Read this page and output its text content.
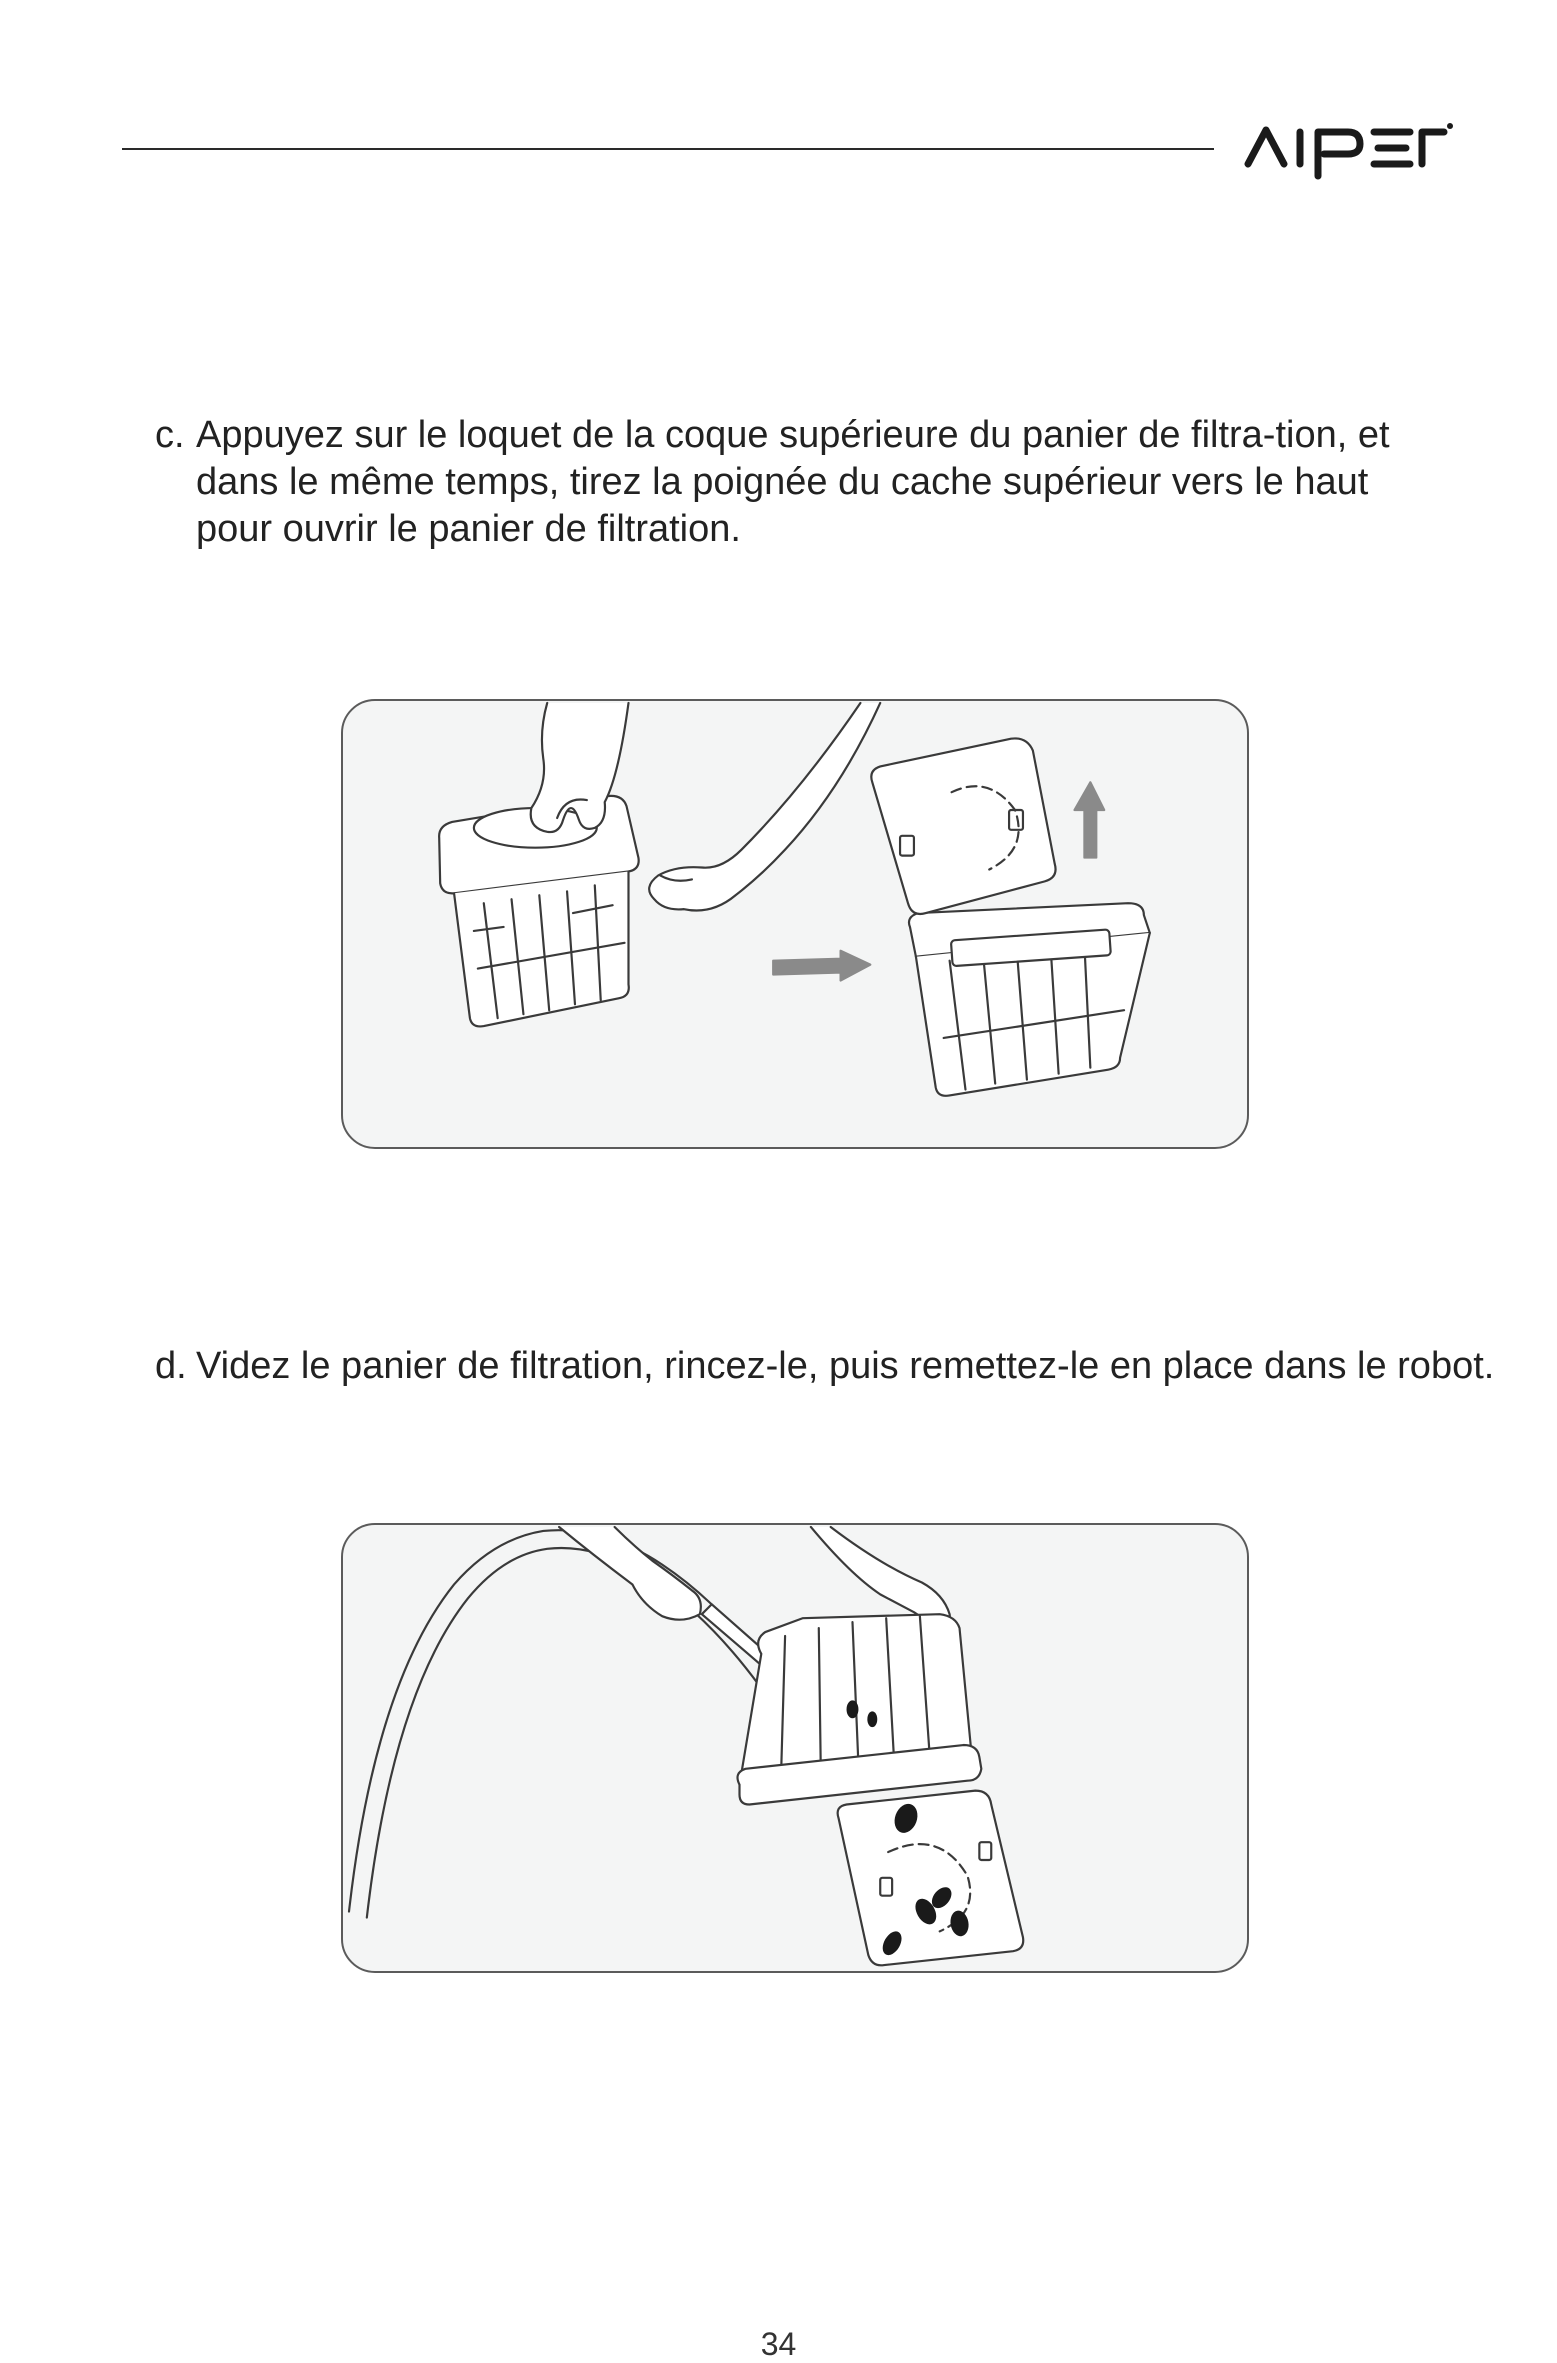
c. Appuyez sur le loquet de la coque supérieure du panier de filtra-tion, et dans le même temps, tirez la poignée du cache supérieur vers le haut pour ouvrir le panier de filtration.
d. Videz le panier de filtration, rincez-le, puis remettez-le en place dans le robot.
34
